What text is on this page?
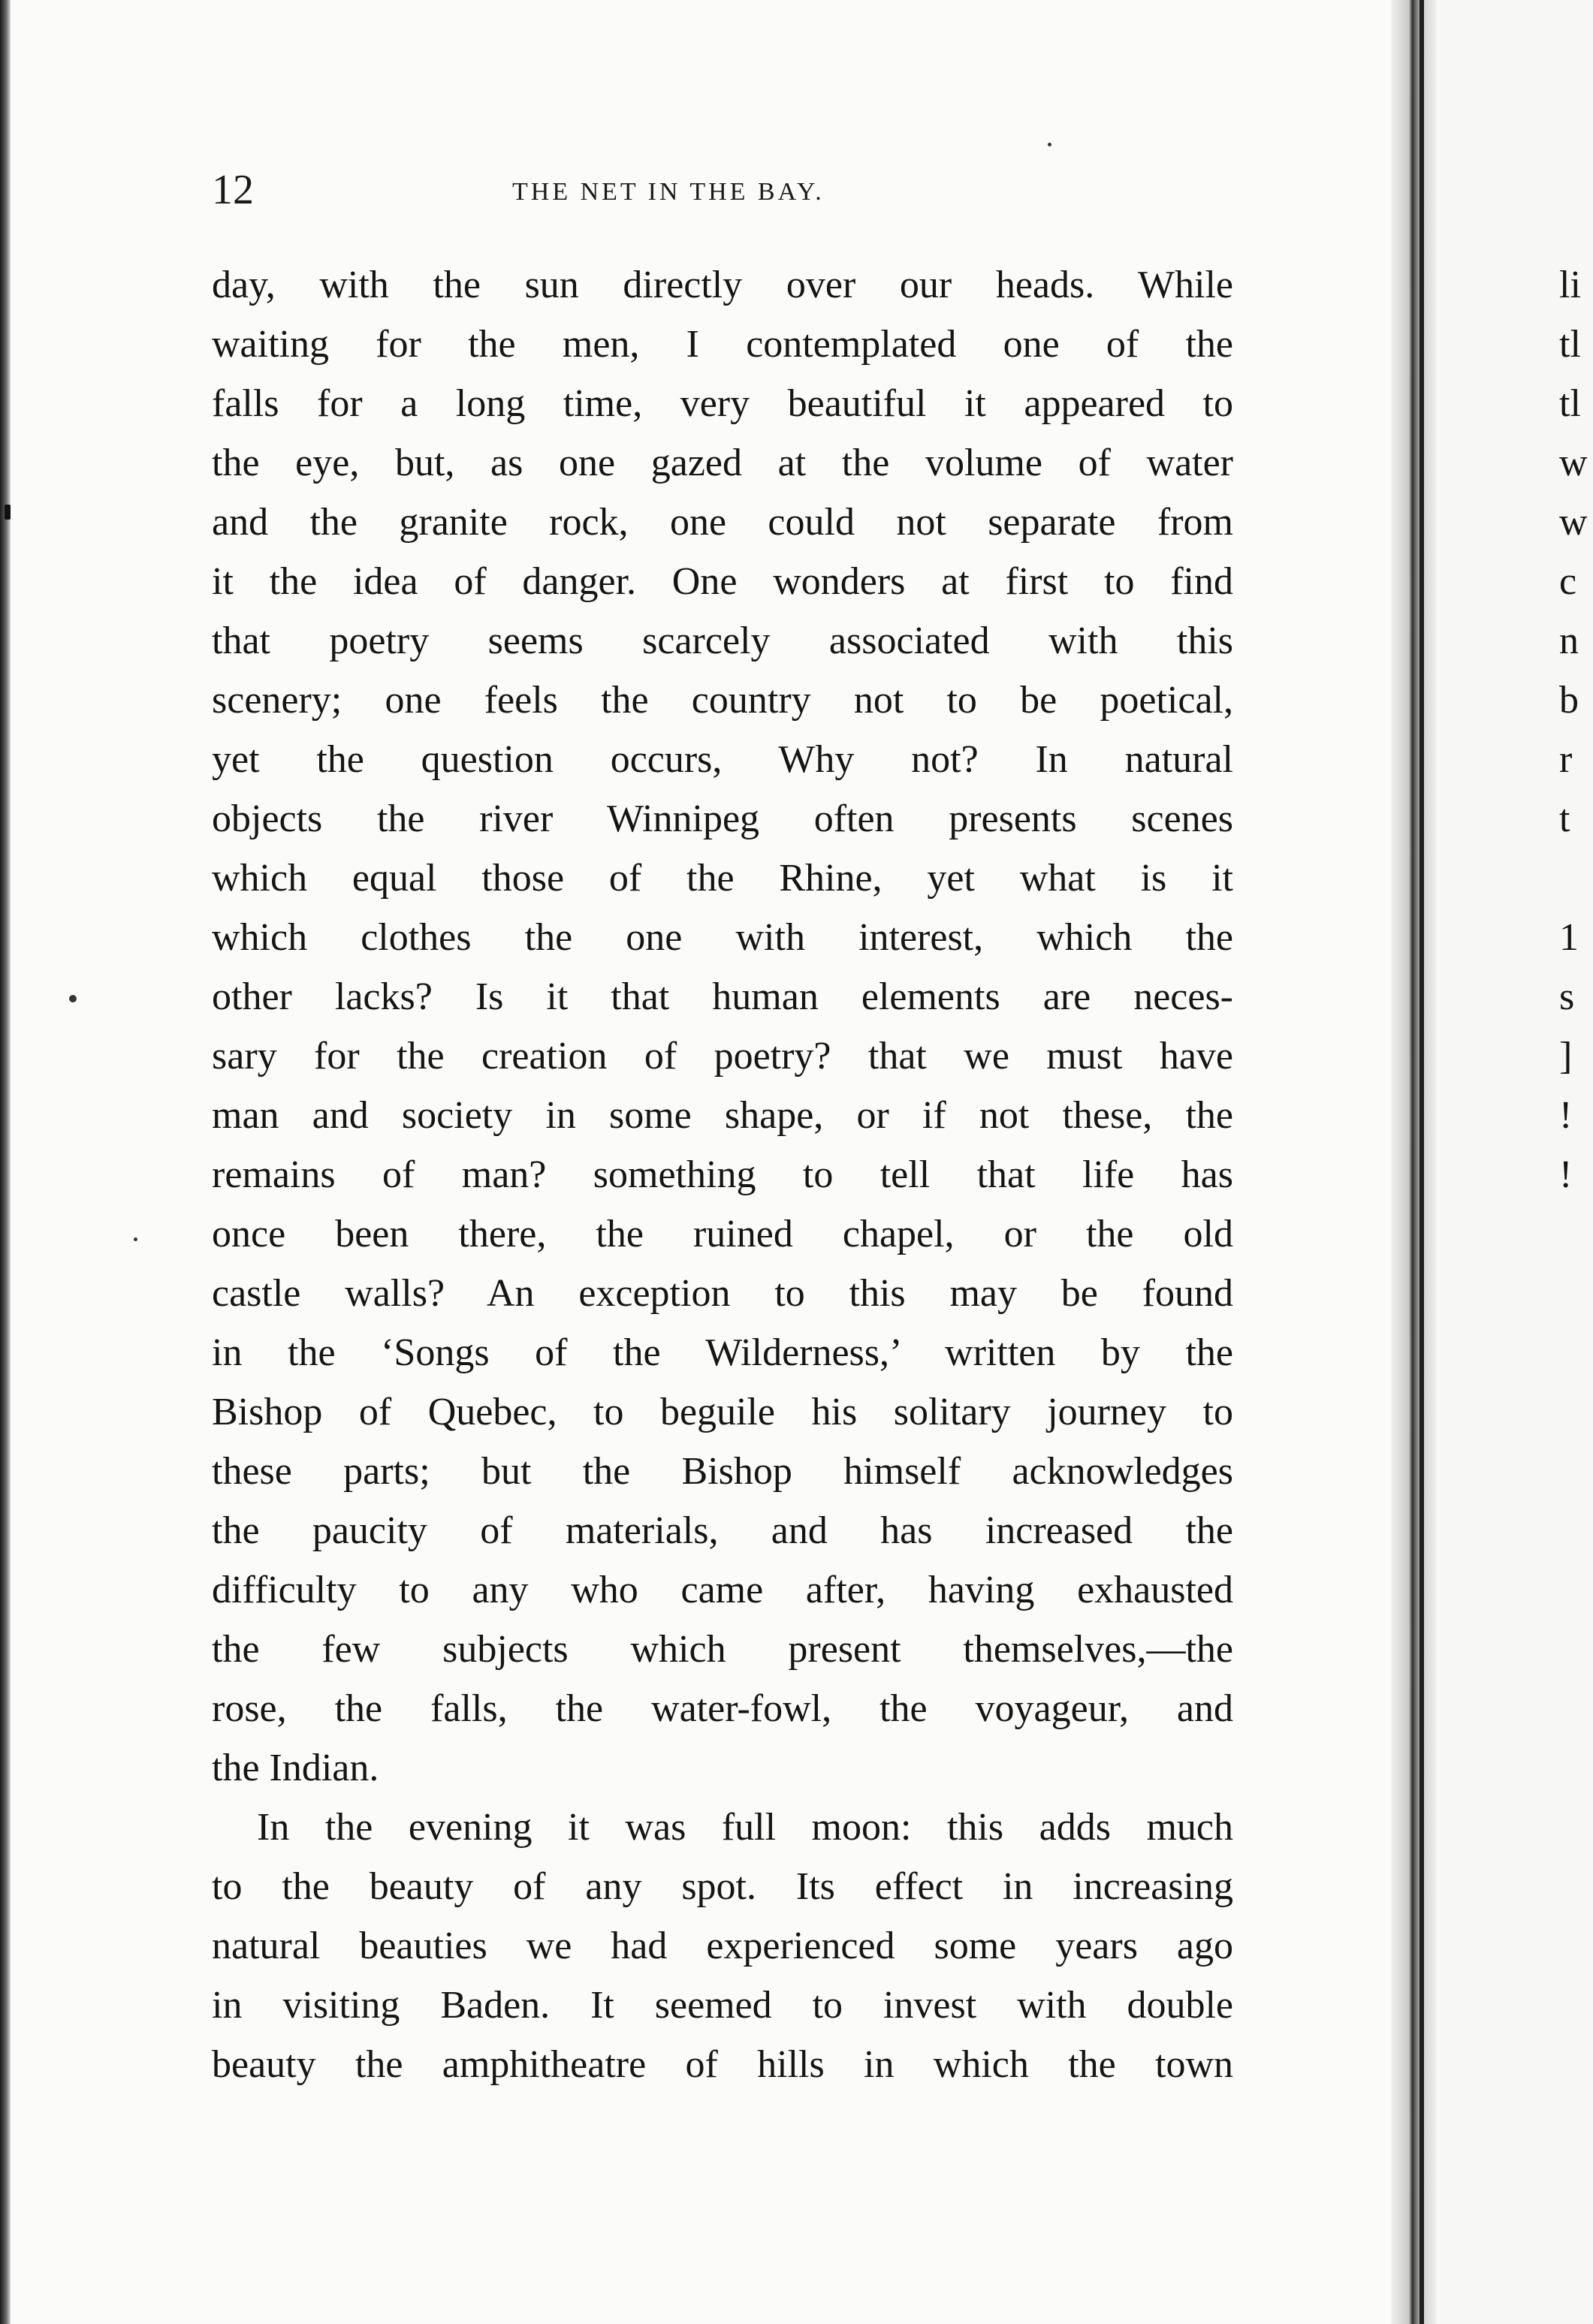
12	THE NET IN THE BAY.
day, with the sun directly over our heads. While
waiting for the men, I contemplated one of the
falls for a long time, very beautiful it appeared to
the eye, but, as one gazed at the volume of water
and the granite rock, one could not separate from
it the idea of danger. One wonders at first to find
that poetry seems scarcely associated with this
scenery; one feels the country not to be poetical,
yet the question occurs, Why not? In natural
objects the river Winnipeg often presents scenes
which equal those of the Rhine, yet what is it
which clothes the one with interest, which the
other lacks? Is it that human elements are neces-
sary for the creation of poetry? that we must have
man and society in some shape, or if not these, the
remains of man? something to tell that life has
once been there, the ruined chapel, or the old
castle walls? An exception to this may be found
in the ‘Songs of the Wilderness,’ written by the
Bishop of Quebec, to beguile his solitary journey to
these parts; but the Bishop himself acknowledges
the paucity of materials, and has increased the
difficulty to any who came after, having exhausted
the few subjects which present themselves,—the
rose, the falls, the water-fowl, the voyageur, and
the Indian.
In the evening it was full moon: this adds much
to the beauty of any spot. Its effect in increasing
natural beauties we had experienced some years ago
in visiting Baden. It seemed to invest with double
beauty the amphitheatre of hills in which the town
li
tl
tl
w
w
c
n
b
r
t
1
s
]
!
!
